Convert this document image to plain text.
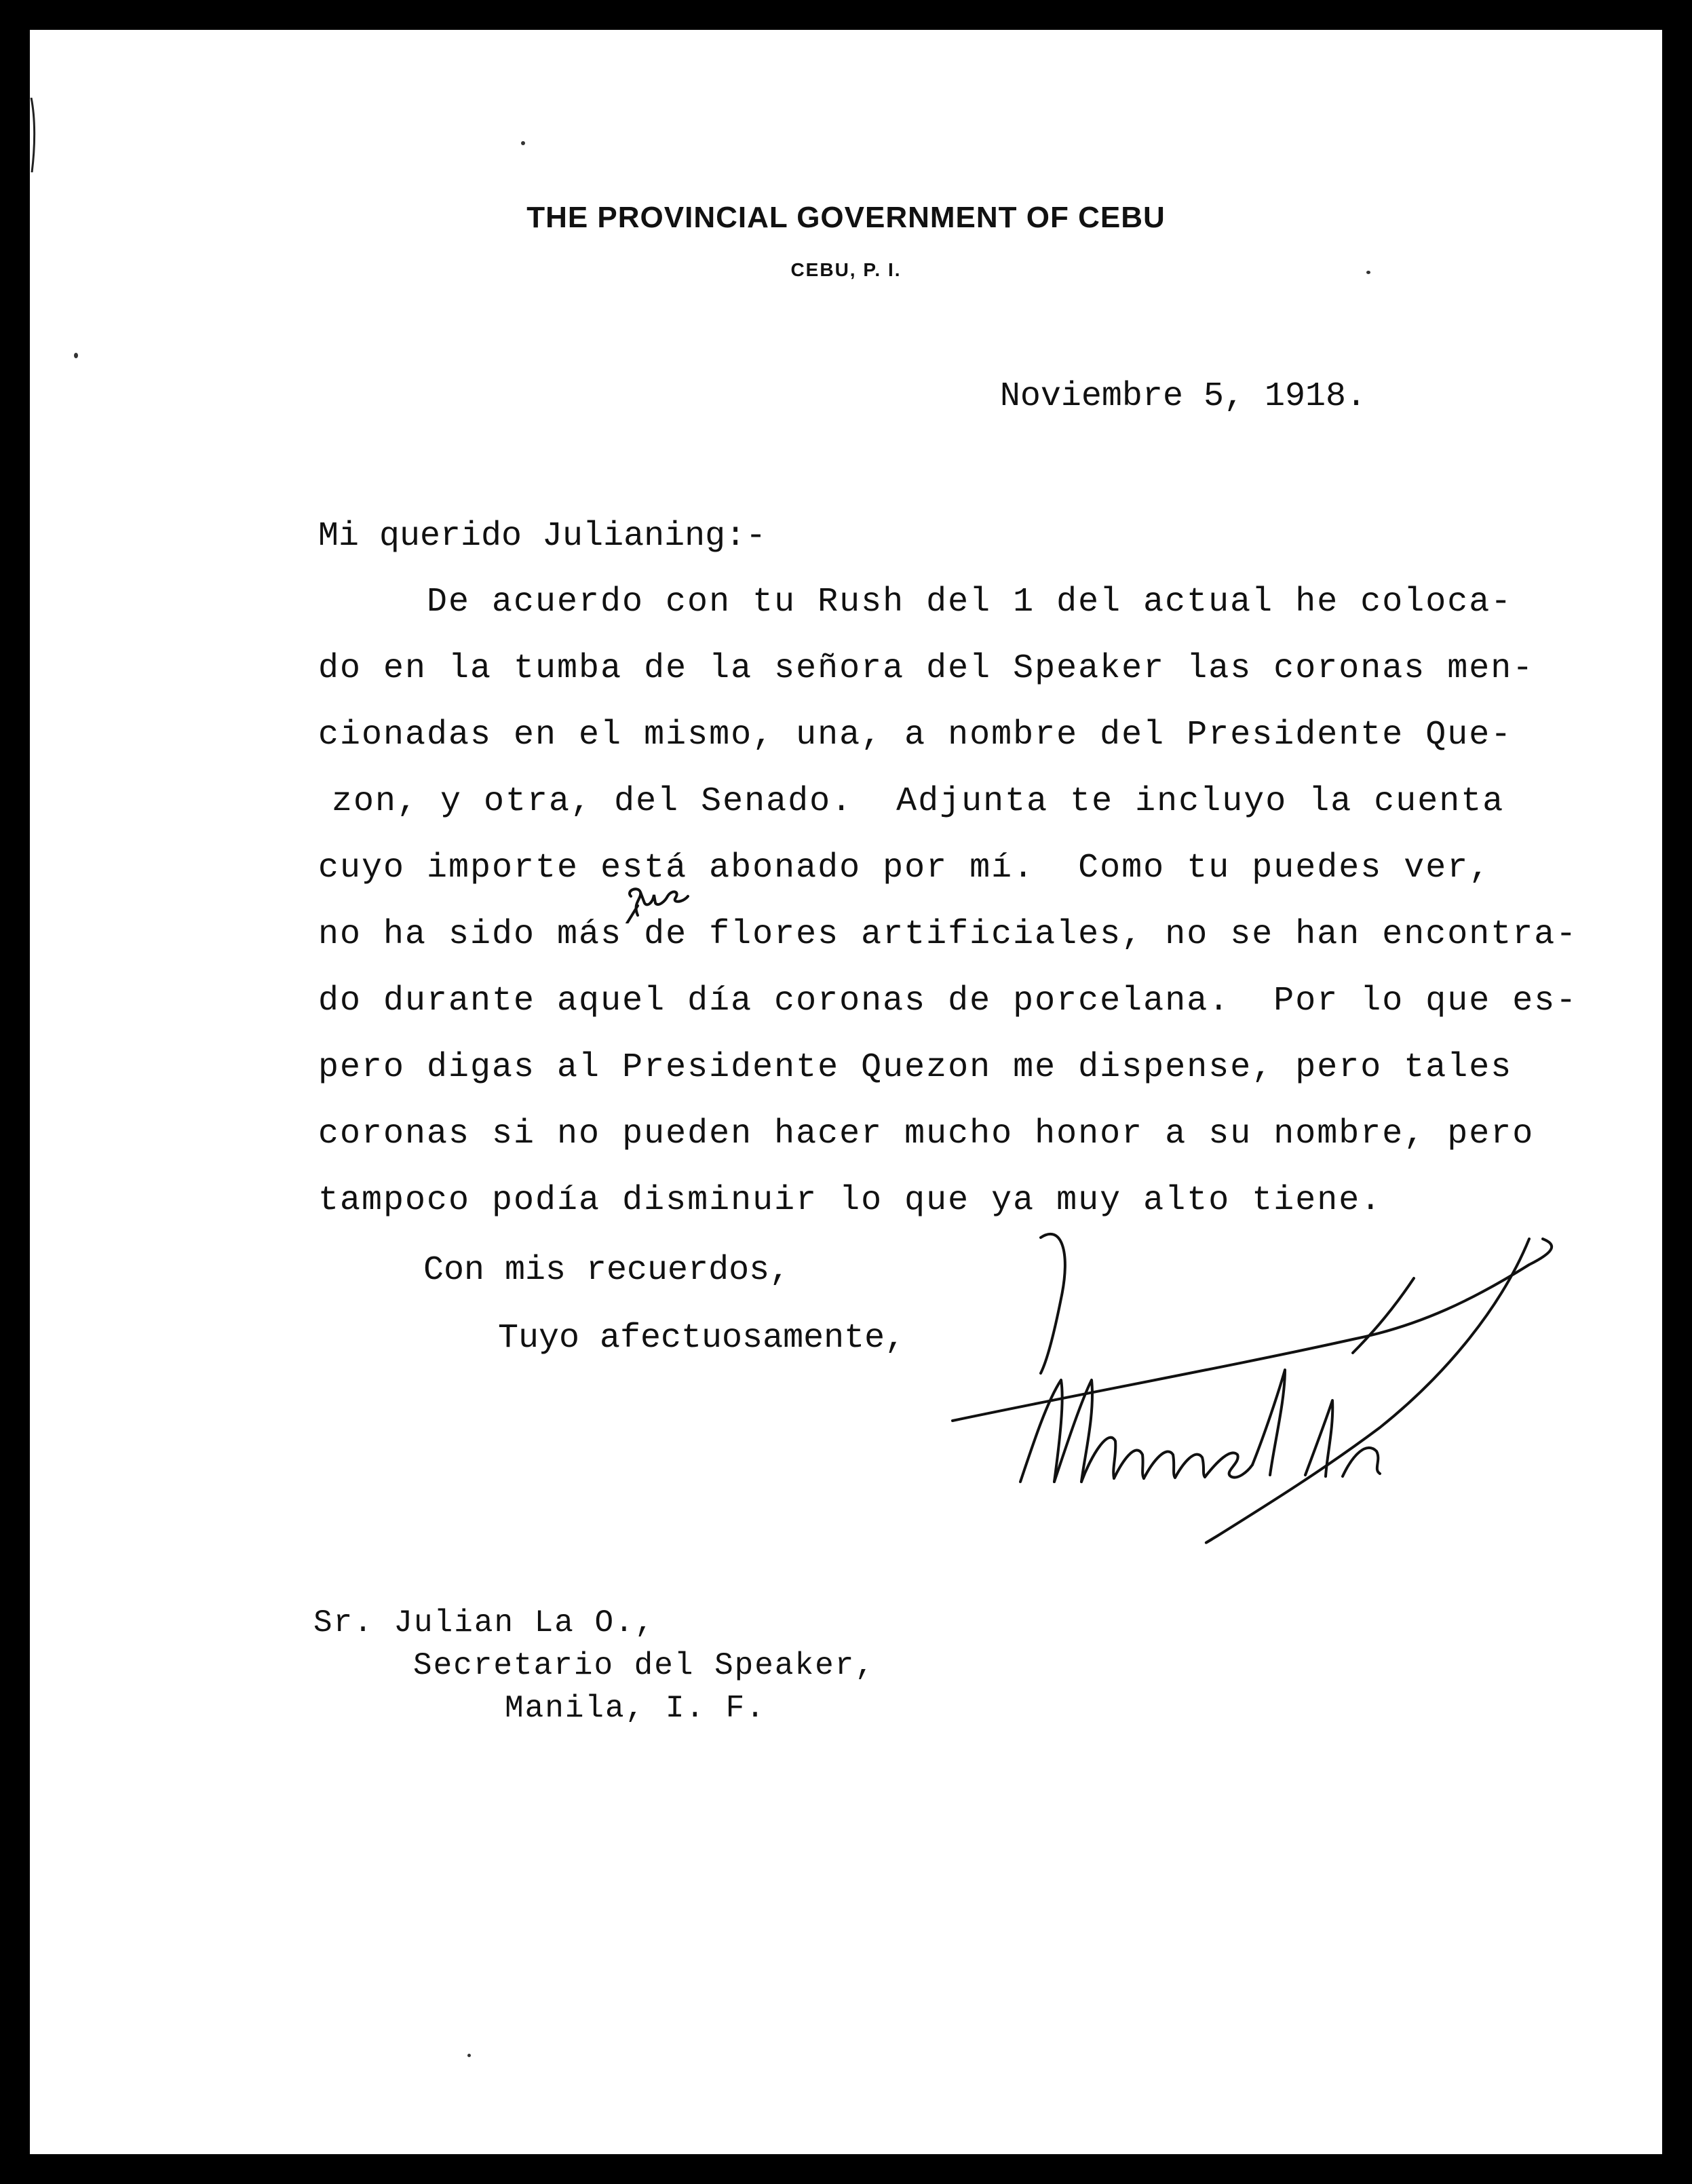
THE PROVINCIAL GOVERNMENT OF CEBU
CEBU, P. I.
Noviembre 5, 1918.
Mi querido Julianing:-
De acuerdo con tu Rush del 1 del actual he coloca-
do en la tumba de la señora del Speaker las coronas men-
cionadas en el mismo, una, a nombre del Presidente Que-
zon, y otra, del Senado.  Adjunta te incluyo la cuenta
cuyo importe está abonado por mí.  Como tu puedes ver,
no ha sido más de flores artificiales, no se han encontra-
do durante aquel día coronas de porcelana.  Por lo que es-
pero digas al Presidente Quezon me dispense, pero tales
coronas si no pueden hacer mucho honor a su nombre, pero
tampoco podía disminuir lo que ya muy alto tiene.
Con mis recuerdos,
Tuyo afectuosamente,
Sr. Julian La O.,
Secretario del Speaker,
Manila, I. F.
